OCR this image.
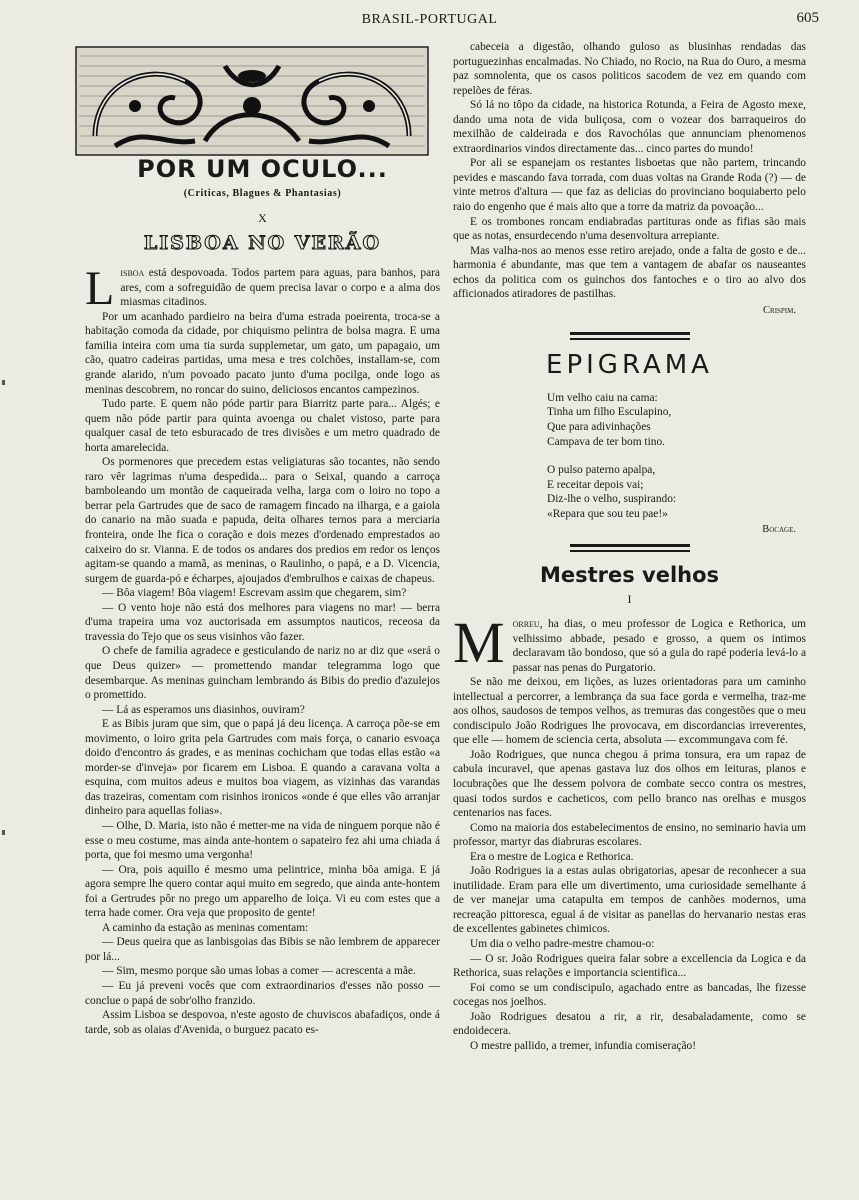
BRASIL-PORTUGAL	605
POR UM OCULO...
(Criticas, Blagues & Phantasias)
X
LISBOA NO VERÃO

Lisboa está despovoada. Todos partem para aguas, para banhos, para ares, com a sofreguidão de quem precisa lavar o corpo e a alma dos miasmas citadinos.

Por um acanhado pardieiro na beira d'uma estrada poeirenta, troca-se a habitação comoda da cidade, por chiquismo pelintra de bolsa magra. E uma familia inteira com uma tia surda supplemetar, um gato, um papagaio, um cão, quatro cadeiras partidas, uma mesa e tres colchões, installam-se, com grande alarido, n'um povoado pacato junto d'uma pocilga, onde logo as meninas descobrem, no roncar do suino, deliciosos encantos campezinos.

Tudo parte. E quem não póde partir para Biarritz parte para... Algés; e quem não póde partir para quinta avoenga ou chalet vistoso, parte para qualquer casal de teto esburacado de tres divisões e um metro quadrado de horta amarelecida.

Os pormenores que precedem estas veligiaturas são tocantes, não sendo raro vêr lagrimas n'uma despedida... para o Seixal, quando a carroça bamboleando um montão de caqueirada velha, larga com o loiro no topo a berrar pela Gartrudes que de saco de ramagem fincado na ilharga, e a gaiola do canario na mão suada e papuda, deita olhares ternos para a merciaria fronteira, onde lhe fica o coração e dois mezes d'ordenado emprestados ao caixeiro do sr. Vianna. E de todos os andares dos predios em redor os lenços agitam-se quando a mamã, as meninas, o Raulinho, o papá, e a D. Vicencia, surgem de guarda-pó e écharpes, ajoujados d'embrulhos e caixas de chapeus.

— Bôa viagem! Bôa viagem! Escrevam assim que chegarem, sim?

— O vento hoje não está dos melhores para viagens no mar! — berra d'uma trapeira uma voz auctorisada em assumptos nauticos, receosa da travessia do Tejo que os seus visinhos vão fazer.

O chefe de familia agradece e gesticulando de nariz no ar diz que «será o que Deus quizer» — promettendo mandar telegramma logo que desembarque. As meninas guincham lembrando ás Bibis do predio d'azulejos o promettido.

— Lá as esperamos uns diasinhos, ouviram?

E as Bibis juram que sim, que o papá já deu licença. A carroça põe-se em movimento, o loiro grita pela Gartrudes com mais força, o canario esvoaça doido d'encontro ás grades, e as meninas cochicham que todas ellas estão «a morder-se d'inveja» por ficarem em Lisboa. E quando a caravana volta a esquina, com muitos adeus e muitos boa viagem, as vizinhas das varandas das trazeiras, comentam com risinhos ironicos «onde é que elles vão arranjar dinheiro para aquellas folias».

— Olhe, D. Maria, isto não é metter-me na vida de ninguem porque não é esse o meu costume, mas ainda ante-hontem o sapateiro fez ahi uma chiada á porta, que foi mesmo uma vergonha!

— Ora, pois aquillo é mesmo uma pelintrice, minha bôa amiga. E já agora sempre lhe quero contar aqui muito em segredo, que ainda ante-hontem foi a Gertrudes pôr no prego um apparelho de loiça. Vi eu com estes que a terra hade comer. Ora veja que proposito de gente!

A caminho da estação as meninas comentam:

— Deus queira que as lanbisgoias das Bibis se não lembrem de apparecer por lá...

— Sim, mesmo porque são umas lobas a comer — acrescenta a mãe.

— Eu já preveni vocês que com extraordinarios d'esses não posso — conclue o papá de sobr'olho franzido.

Assim Lisboa se despovoa, n'este agosto de chuviscos abafadiços, onde á tarde, sob as olaias d'Avenida, o burguez pacato es-

cabeceia a digestão, olhando guloso as blusinhas rendadas das portuguezinhas encalmadas. No Chiado, no Rocio, na Rua do Ouro, a mesma paz somnolenta, que os casos politicos sacodem de vez em quando com repelões de féras.

Só lá no tôpo da cidade, na historica Rotunda, a Feira de Agosto mexe, dando uma nota de vida buliçosa, com o vozear dos barraqueiros do mexilhão de caldeirada e dos Ravochólas que annunciam phenomenos extraordinarios vindos directamente das... cinco partes do mundo!

Por ali se espanejam os restantes lisboetas que não partem, trincando pevides e mascando fava torrada, com duas voltas na Grande Roda (?) — de vinte metros d'altura — que faz as delicias do provinciano boquiaberto pelo raio do engenho que é mais alto que a torre da matriz da povoação...

E os trombones roncam endiabradas partituras onde as fifias são mais que as notas, ensurdecendo n'uma desenvoltura arrepiante.

Mas valha-nos ao menos esse retiro arejado, onde a falta de gosto e de... harmonia é abundante, mas que tem a vantagem de abafar os nauseantes echos da politica com os guinchos dos fantoches e o tiro ao alvo dos afficionados atiradores de pastilhas.

Crispim.
EPIGRAMA
Um velho caiu na cama:
Tinha um filho Esculapino,
Que para adivinhações
Campava de ter bom tino.
O pulso paterno apalpa,
E receitar depois vai;
Diz-lhe o velho, suspirando:
«Repara que sou teu pae!»
Bocage.
Mestres velhos
I

Morreu, ha dias, o meu professor de Logica e Rethorica, um velhissimo abbade, pesado e grosso, a quem os intimos declaravam tão bondoso, que só a gula do rapé poderia levá-lo a passar nas penas do Purgatorio.

Se não me deixou, em lições, as luzes orientadoras para um caminho intellectual a percorrer, a lembrança da sua face gorda e vermelha, traz-me aos olhos, saudosos de tempos velhos, as tremuras das congestões que o meu condiscipulo João Rodrigues lhe provocava, em discordancias irreverentes, que elle — homem de sciencia certa, absoluta — excommungava com fé.

João Rodrigues, que nunca chegou á prima tonsura, era um rapaz de cabula incuravel, que apenas gastava luz dos olhos em leituras, planos e locubrações que lhe dessem polvora de combate secco contra os mestres, quasi todos surdos e cacheticos, com pello branco nas orelhas e musgos centenarios nas faces.

Como na maioria dos estabelecimentos de ensino, no seminario havia um professor, martyr das diabruras escolares.

Era o mestre de Logica e Rethorica.

João Rodrigues ia a estas aulas obrigatorias, apesar de reconhecer a sua inutilidade. Eram para elle um divertimento, uma curiosidade semelhante á de ver manejar uma catapulta em tempos de canhões modernos, uma recreação pittoresca, egual á de visitar as panellas do hervanario nestas eras de excellentes gabinetes chimicos.

Um dia o velho padre-mestre chamou-o:

— O sr. João Rodrigues queira falar sobre a excellencia da Logica e da Rethorica, suas relações e importancia scientifica...

Foi como se um condiscipulo, agachado entre as bancadas, lhe fizesse cocegas nos joelhos.

João Rodrigues desatou a rir, a rir, desabaladamente, como se endoidecera.

O mestre pallido, a tremer, infundia comiseração!
